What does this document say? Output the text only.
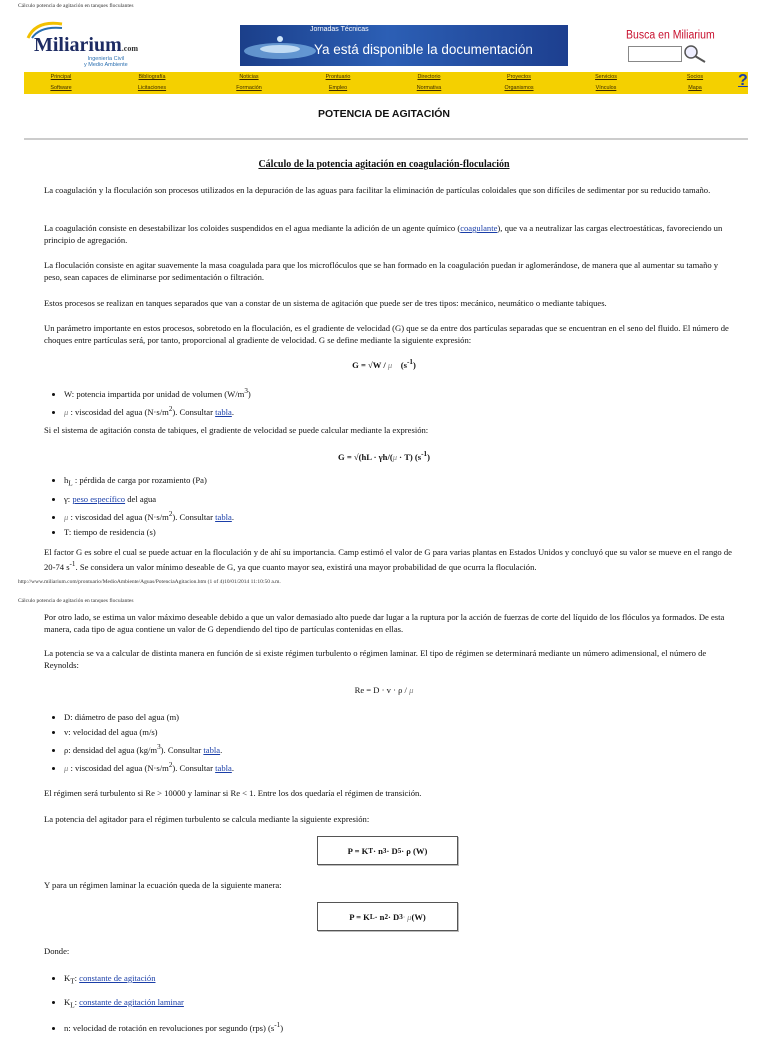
Cálculo potencia de agitación en tanques floculantes
Miliarium.com
Ingeniería Civil
y Medio Ambiente
Jornadas Técnicas
Ya está disponible la documentación
Busca en Miliarium
Principal	Bibliografía	Noticias	Prontuario	Directorio	Proyectos	Servicios	Socios
Software	Licitaciones	Formación	Empleo	Normativa	Organismos	Vínculos	Mapa ?
POTENCIA DE AGITACIÓN
Cálculo de la potencia agitación en coagulación-floculación
La coagulación y la floculación son procesos utilizados en la depuración de las aguas para facilitar la eliminación de partículas coloidales que son difíciles de sedimentar por su reducido tamaño.
La coagulación consiste en desestabilizar los coloides suspendidos en el agua mediante la adición de un agente químico (coagulante), que va a neutralizar las cargas electroestáticas, favoreciendo un principio de agregación.
La floculación consiste en agitar suavemente la masa coagulada para que los microflóculos que se han formado en la coagulación puedan ir aglomerándose, de manera que al aumentar su tamaño y peso, sean capaces de eliminarse por sedimentación o filtración.
Estos procesos se realizan en tanques separados que van a constar de un sistema de agitación que puede ser de tres tipos: mecánico, neumático o mediante tabiques.
Un parámetro importante en estos procesos, sobretodo en la floculación, es el gradiente de velocidad (G) que se da entre dos partículas separadas que se encuentran en el seno del fluido. El número de choques entre partículas será, por tanto, proporcional al gradiente de velocidad. G se define mediante la siguiente expresión:
G = √W / μ $(s^{-1})$
• W: potencia impartida por unidad de volumen $(W/m^3)$
• μ : viscosidad del agua $(N\cdot s/m^2)$. Consultar tabla.
Si el sistema de agitación consta de tabiques, el gradiente de velocidad se puede calcular mediante la expresión:
G = √(hL · γh/(μ · T) $(s^{-1})$
• $h_L$ : pérdida de carga por rozamiento (Pa)
• γ: peso específico del agua
• μ : viscosidad del agua $(N\cdot s/m^2)$. Consultar tabla.
• T: tiempo de residencia (s)
El factor G es sobre el cual se puede actuar en la floculación y de ahí su importancia. Camp estimó el valor de G para varias plantas en Estados Unidos y concluyó que su valor se mueve en el rango de 20-74 $s^{-1}$. Se considera un valor mínimo deseable de G, ya que cuanto mayor sea, existirá una mayor probabilidad de que ocurra la floculación.
http://www.miliarium.com/prontuario/MedioAmbiente/Aguas/PotenciaAgitacion.htm (1 of 4)10/01/2014 11:10:50 a.m.
Cálculo potencia de agitación en tanques floculantes
Por otro lado, se estima un valor máximo deseable debido a que un valor demasiado alto puede dar lugar a la ruptura por la acción de fuerzas de corte del líquido de los flóculos ya formados. De esta manera, cada tipo de agua contiene un valor de G dependiendo del tipo de partículas contenidas en ellas.
La potencia se va a calcular de distinta manera en función de si existe régimen turbulento o régimen laminar. El tipo de régimen se determinará mediante un número adimensional, el número de Reynolds:
Re = D · v · ρ / μ
• D: diámetro de paso del agua (m)
• v: velocidad del agua (m/s)
• ρ: densidad del agua $(kg/m^3)$. Consultar tabla.
• μ : viscosidad del agua $(N\cdot s/m^2)$. Consultar tabla.
El régimen será turbulento si Re > 10000 y laminar si Re < 1. Entre los dos quedaría el régimen de transición.
La potencia del agitador para el régimen turbulento se calcula mediante la siguiente expresión:
P = K T · n 3 · D 5 · ρ (W)
Y para un régimen laminar la ecuación queda de la siguiente manera:
P = K L · n 2 · D 3 · μ (W)
Donde:
• $K_T$: constante de agitación
• $K_L$: constante de agitación laminar
• n: velocidad de rotación en revoluciones por segundo (rps) $(s^{-1})$
